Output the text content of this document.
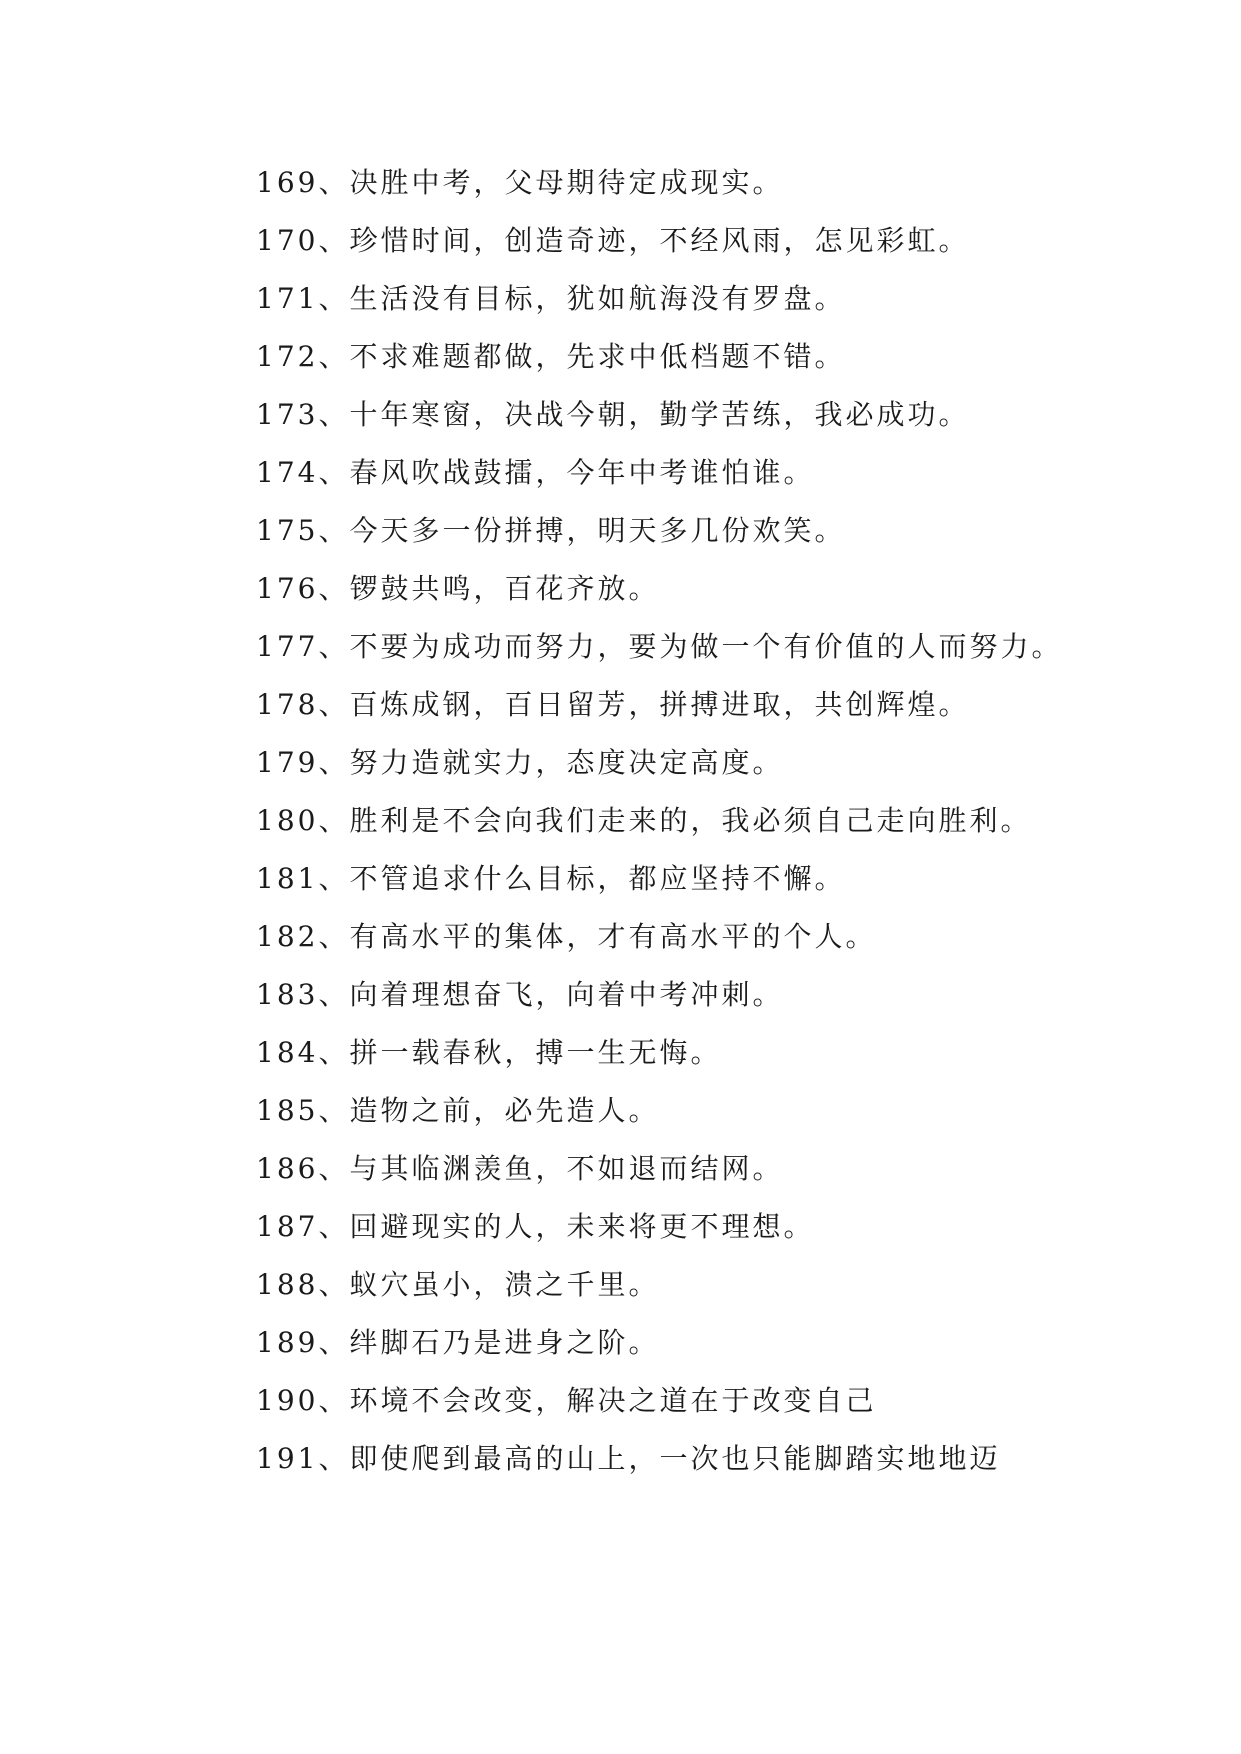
169、决胜中考，父母期待定成现实。
170、珍惜时间，创造奇迹，不经风雨，怎见彩虹。
171、生活没有目标，犹如航海没有罗盘。
172、不求难题都做，先求中低档题不错。
173、十年寒窗，决战今朝，勤学苦练，我必成功。
174、春风吹战鼓擂，今年中考谁怕谁。
175、今天多一份拼搏，明天多几份欢笑。
176、锣鼓共鸣，百花齐放。
177、不要为成功而努力，要为做一个有价值的人而努力。
178、百炼成钢，百日留芳，拼搏进取，共创辉煌。
179、努力造就实力，态度决定高度。
180、胜利是不会向我们走来的，我必须自己走向胜利。
181、不管追求什么目标，都应坚持不懈。
182、有高水平的集体，才有高水平的个人。
183、向着理想奋飞，向着中考冲刺。
184、拼一载春秋，搏一生无悔。
185、造物之前，必先造人。
186、与其临渊羡鱼，不如退而结网。
187、回避现实的人，未来将更不理想。
188、蚁穴虽小，溃之千里。
189、绊脚石乃是进身之阶。
190、环境不会改变，解决之道在于改变自己
191、即使爬到最高的山上，一次也只能脚踏实地地迈
